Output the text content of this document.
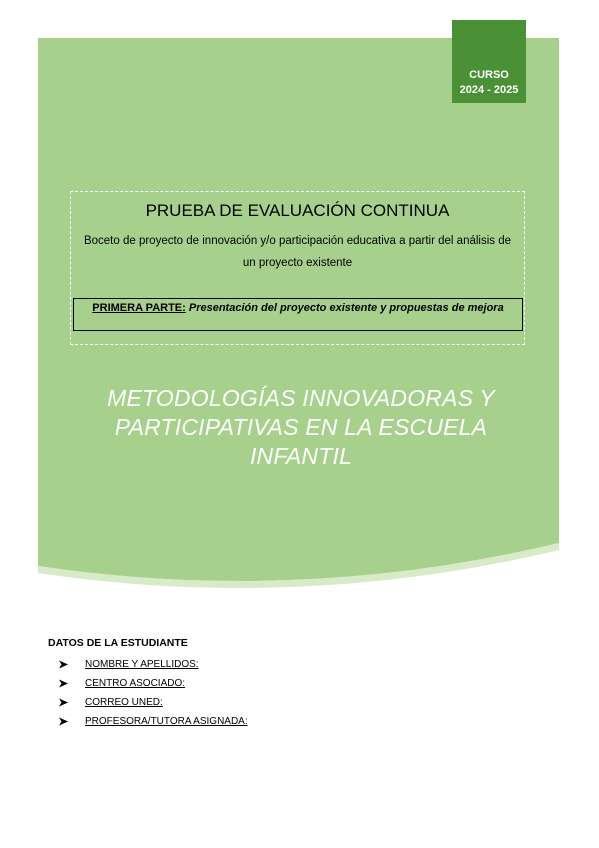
CURSO
2024 - 2025
PRUEBA DE EVALUACIÓN CONTINUA
Boceto de proyecto de innovación y/o participación educativa a partir del análisis de un proyecto existente
PRIMERA PARTE: Presentación del proyecto existente y propuestas de mejora
METODOLOGÍAS INNOVADORAS Y PARTICIPATIVAS EN LA ESCUELA INFANTIL

DATOS DE LA ESTUDIANTE

NOMBRE Y APELLIDOS:
CENTRO ASOCIADO:
CORREO UNED:
PROFESORA/TUTORA ASIGNADA:
